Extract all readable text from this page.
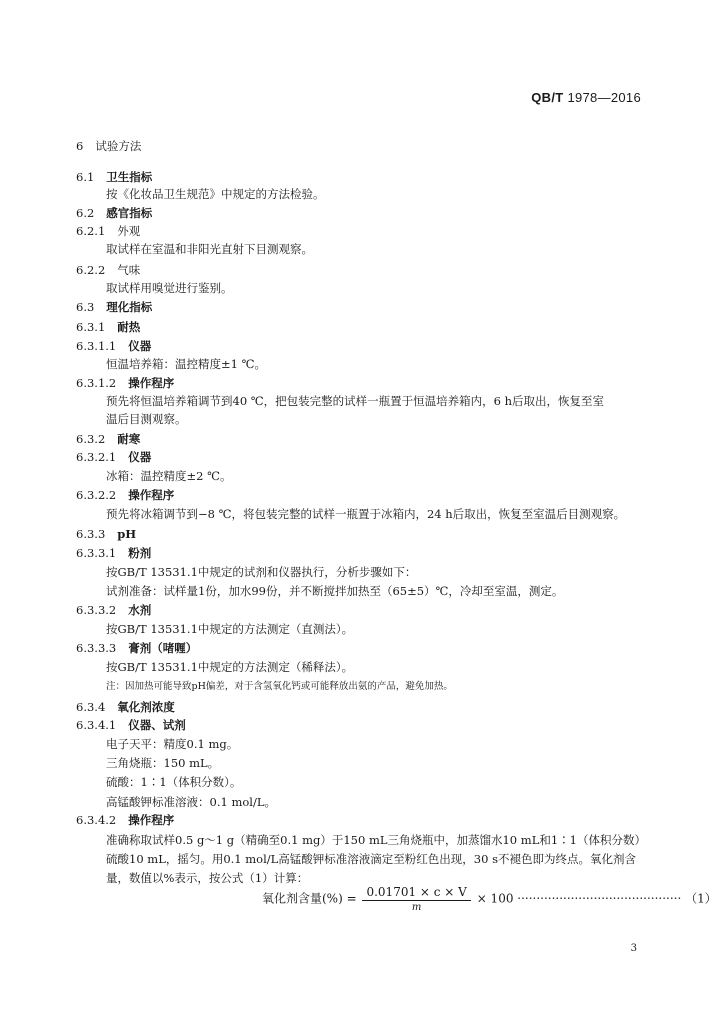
QB/T 1978—2016
6 试验方法
6.1 卫生指标
按《化妆品卫生规范》中规定的方法检验。
6.2 感官指标
6.2.1 外观
取试样在室温和非阳光直射下目测观察。
6.2.2 气味
取试样用嗅觉进行鉴别。
6.3 理化指标
6.3.1 耐热
6.3.1.1 仪器
恒温培养箱：温控精度±1 ℃。
6.3.1.2 操作程序
预先将恒温培养箱调节到40 ℃，把包装完整的试样一瓶置于恒温培养箱内，6 h后取出，恢复至室
温后目测观察。
6.3.2 耐寒
6.3.2.1 仪器
冰箱：温控精度±2 ℃。
6.3.2.2 操作程序
预先将冰箱调节到−8 ℃，将包装完整的试样一瓶置于冰箱内，24 h后取出，恢复至室温后目测观察。
6.3.3 pH
6.3.3.1 粉剂
按GB/T 13531.1中规定的试剂和仪器执行，分析步骤如下：
试剂准备：试样量1份，加水99份，并不断搅拌加热至（65±5）℃，冷却至室温，测定。
6.3.3.2 水剂
按GB/T 13531.1中规定的方法测定（直测法）。
6.3.3.3 膏剂（啫喱）
按GB/T 13531.1中规定的方法测定（稀释法）。
注：因加热可能导致pH偏差，对于含氢氧化钙或可能释放出氨的产品，避免加热。
6.3.4 氧化剂浓度
6.3.4.1 仪器、试剂
电子天平：精度0.1 mg。
三角烧瓶：150 mL。
硫酸：1∶1（体积分数）。
高锰酸钾标准溶液：0.1 mol/L。
6.3.4.2 操作程序
准确称取试样0.5 g～1 g（精确至0.1 mg）于150 mL三角烧瓶中，加蒸馏水10 mL和1∶1（体积分数）
硫酸10 mL，摇匀。用0.1 mol/L高锰酸钾标准溶液滴定至粉红色出现，30 s不褪色即为终点。氧化剂含
量，数值以%表示，按公式（1）计算：
氧化剂含量(%) = $\frac{0.01701 \times c \times V}{m} \times 100$ ··········································· （1）
3
